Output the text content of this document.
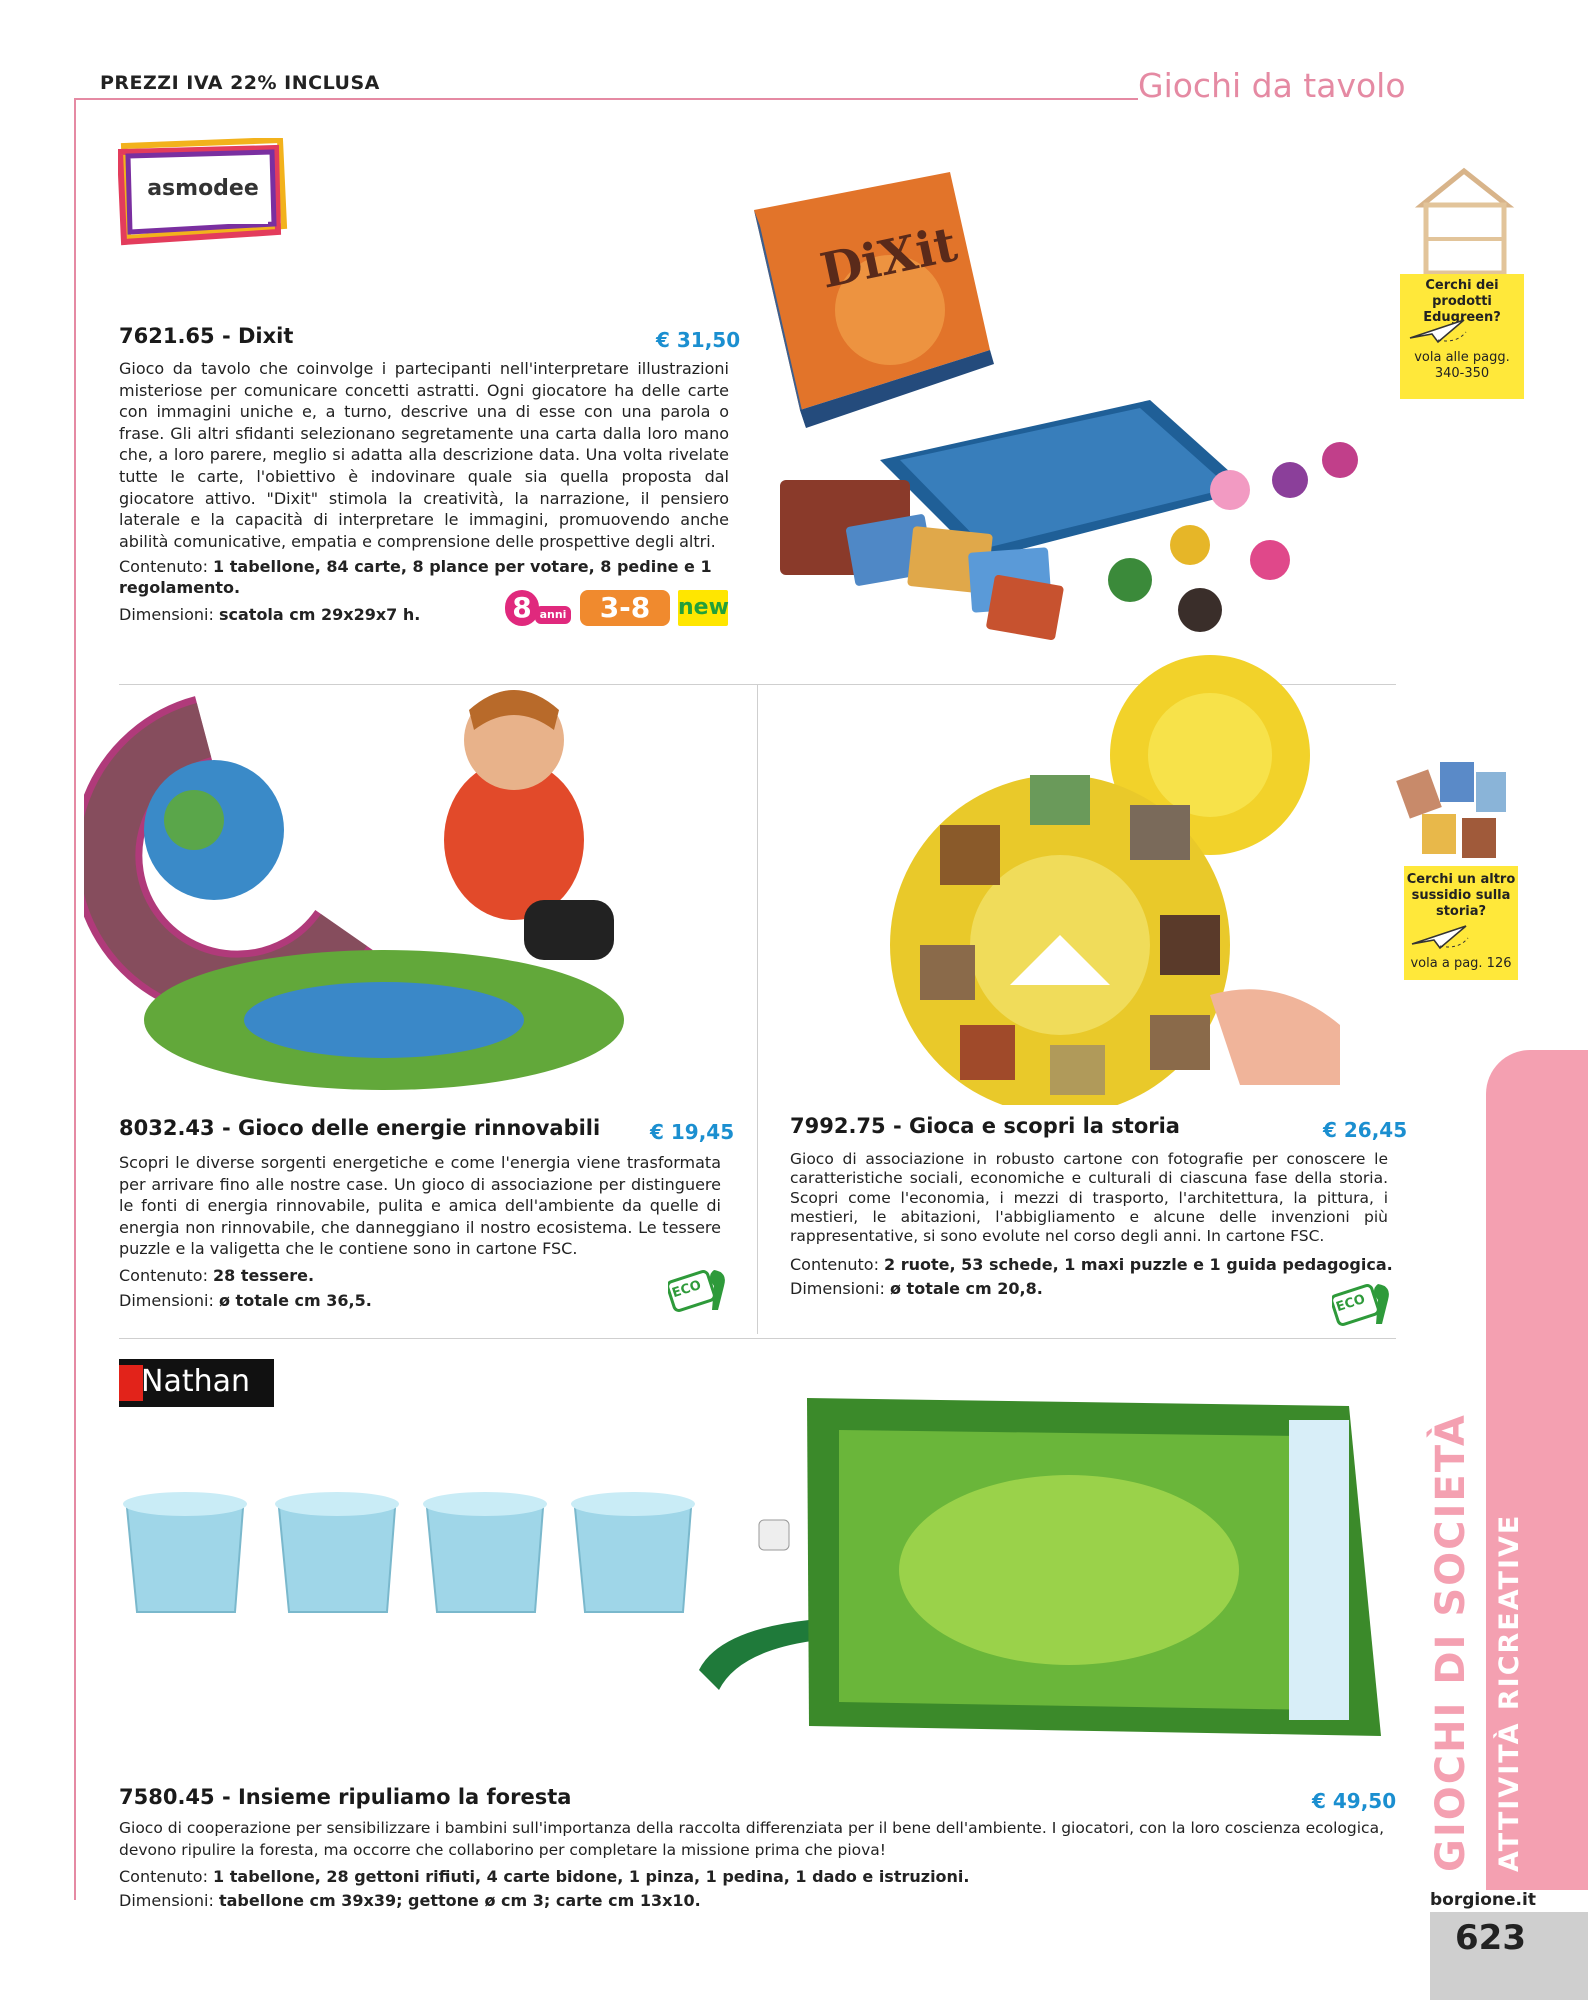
PREZZI IVA 22% INCLUSA	Giochi da tavolo
asmodee
7621.65 - Dixit	€ 31,50
Gioco da tavolo che coinvolge i partecipanti nell'interpretare illustrazioni misteriose per comunicare concetti astratti. Ogni giocatore ha delle carte con immagini uniche e, a turno, descrive una di esse con una parola o frase. Gli altri sfidanti selezionano segretamente una carta dalla loro mano che, a loro parere, meglio si adatta alla descrizione data. Una volta rivelate tutte le carte, l'obiettivo è indovinare quale sia quella proposta dal giocatore attivo. "Dixit" stimola la creatività, la narrazione, il pensiero laterale e la capacità di interpretare le immagini, promuovendo anche abilità comunicative, empatia e comprensione delle prospettive degli altri.
Contenuto: 1 tabellone, 84 carte, 8 plance per votare, 8 pedine e 1 regolamento.
Dimensioni: scatola cm 29x29x7 h.	8 anni	3-8	new
DiXit
8032.43 - Gioco delle energie rinnovabili € 19,45
Scopri le diverse sorgenti energetiche e come l'energia viene trasformata per arrivare fino alle nostre case. Un gioco di associazione per distinguere le fonti di energia rinnovabile, pulita e amica dell'ambiente da quelle di energia non rinnovabile, che danneggiano il nostro ecosistema. Le tessere puzzle e la valigetta che le contiene sono in cartone FSC.
Contenuto: 28 tessere.
Dimensioni: ø totale cm 36,5.	ECO
7992.75 - Gioca e scopri la storia	€ 26,45
Gioco di associazione in robusto cartone con fotografie per conoscere le caratteristiche sociali, economiche e culturali di ciascuna fase della storia. Scopri come l'economia, i mezzi di trasporto, l'architettura, la pittura, i mestieri, le abitazioni, l'abbigliamento e alcune delle invenzioni più rappresentative, si sono evolute nel corso degli anni. In cartone FSC.
Contenuto: 2 ruote, 53 schede, 1 maxi puzzle e 1 guida pedagogica.
Dimensioni: ø totale cm 20,8.
ECO
Nathan
7580.45 - Insieme ripuliamo la foresta	€ 49,50
Gioco di cooperazione per sensibilizzare i bambini sull'importanza della raccolta differenziata per il bene dell'ambiente. I giocatori, con la loro coscienza ecologica, devono ripulire la foresta, ma occorre che collaborino per completare la missione prima che piova!
Contenuto: 1 tabellone, 28 gettoni rifiuti, 4 carte bidone, 1 pinza, 1 pedina, 1 dado e istruzioni.
Dimensioni: tabellone cm 39x39; gettone ø cm 3; carte cm 13x10.
Cerchi dei prodotti Edugreen?
vola alle pagg. 340-350
Cerchi un altro sussidio sulla storia?
vola a pag. 126
GIOCHI DI SOCIETÀ ATTIVITÀ RICREATIVE
borgione.it
623
